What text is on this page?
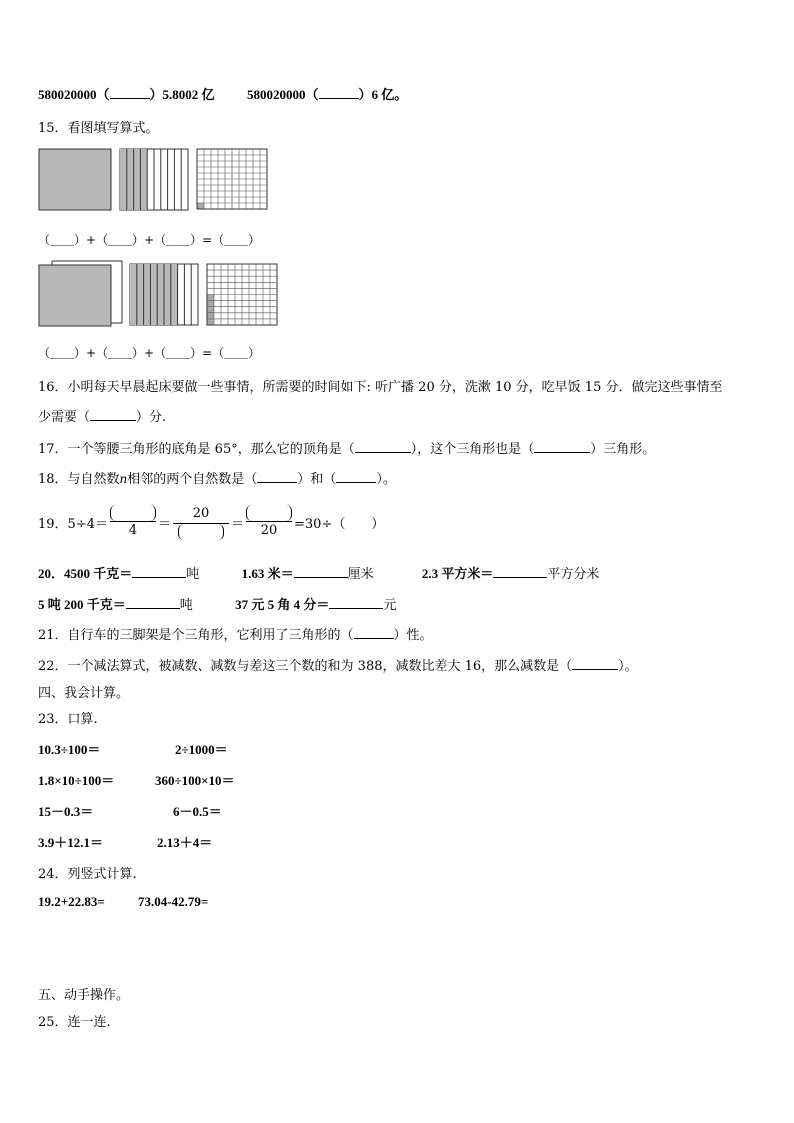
580020000（	）5.8002 亿	580020000（	）6 亿。
15．看图填写算式。
（＿＿）+（＿＿）+（＿＿）=（＿＿）
（＿＿）+（＿＿）+（＿＿）=（＿＿）
16．小明每天早晨起床要做一些事情，所需要的时间如下: 听广播 20 分，洗漱 10 分，吃早饭 15 分．做完这些事情至
少需要（	）分.
17．一个等腰三角形的底角是 65°，那么它的顶角是（	），这个三角形也是（	）三角形。
18．与自然数n相邻的两个自然数是（	）和（	）。
19．5÷4＝	4	＝
20
＝	20	=30÷（　　）
20．4500 千克＝	吨	1.63 米＝	厘米	2.3 平方米＝	平方分米
5 吨 200 千克＝	吨	37 元 5 角 4 分＝	元
21．自行车的三脚架是个三角形，它利用了三角形的（	）性。
22．一个减法算式，被减数、减数与差这三个数的和为 388，减数比差大 16，那么减数是（	）。
四、我会计算。
23．口算.
10.3÷100＝	2÷1000＝
1.8×10÷100＝	360÷100×10＝
15－0.3＝	6－0.5＝
3.9＋12.1＝	2.13＋4＝
24．列竖式计算.
19.2+22.83=	73.04-42.79=
五、动手操作。
25．连一连.
